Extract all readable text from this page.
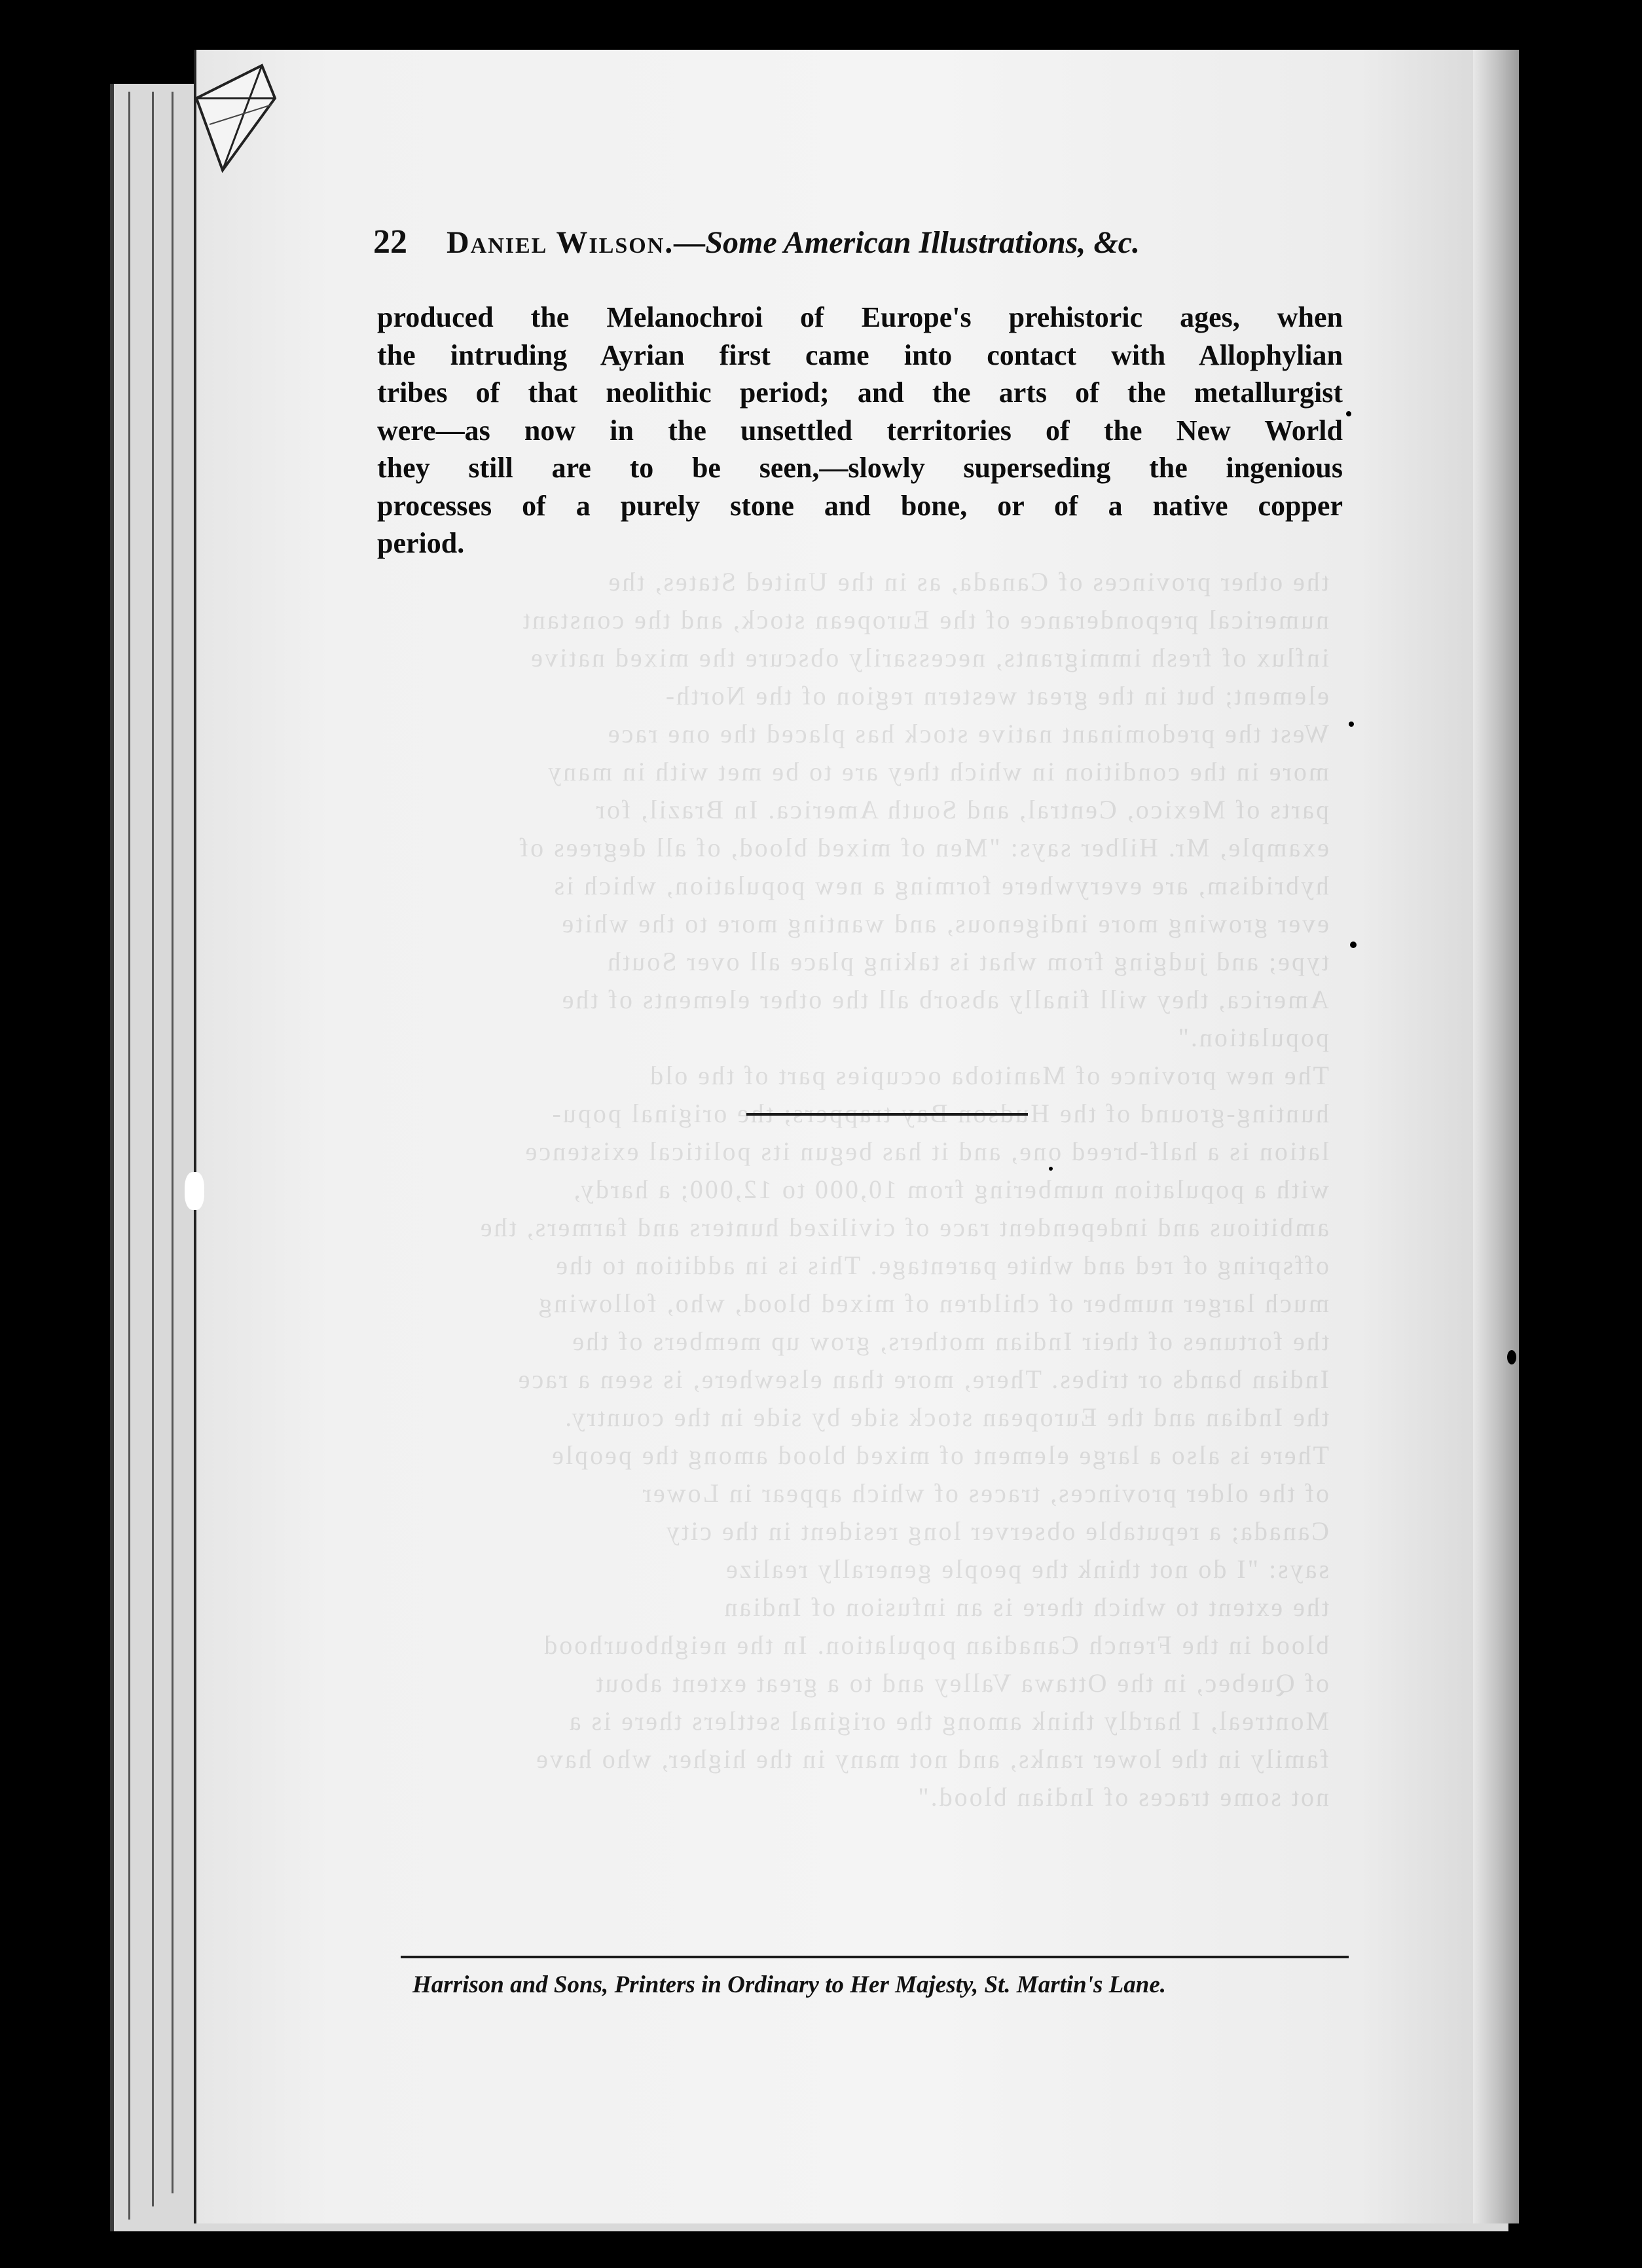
22 Daniel Wilson.—Some American Illustrations, &c.
produced the Melanochroi of Europe's prehistoric ages, when
the intruding Ayrian first came into contact with Allophylian
tribes of that neolithic period; and the arts of the metallurgist
were—as now in the unsettled territories of the New World
they still are to be seen,—slowly superseding the ingenious
processes of a purely stone and bone, or of a native copper
period.
Harrison and Sons, Printers in Ordinary to Her Majesty, St. Martin's Lane.
